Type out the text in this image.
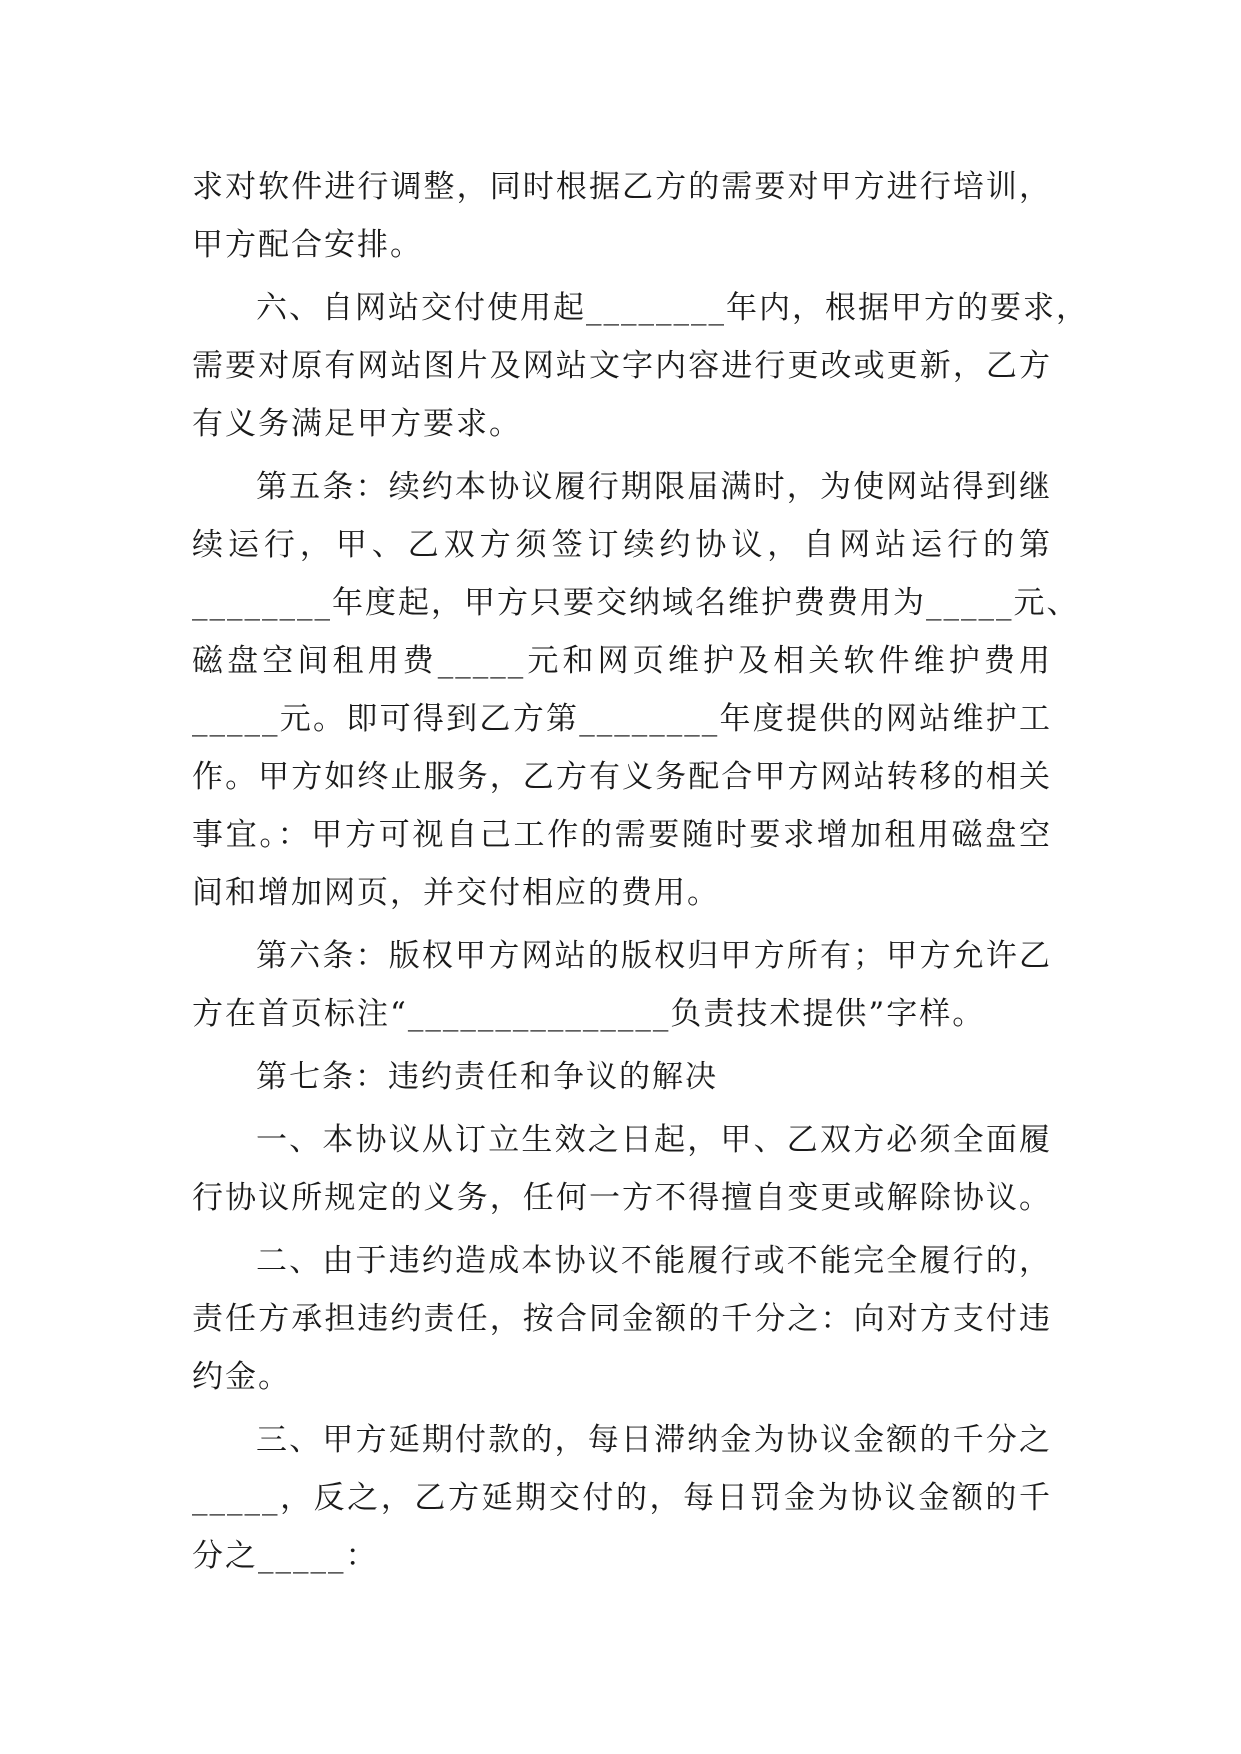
求对软件进行调整，同时根据乙方的需要对甲方进行培训，
甲方配合安排。
六、自网站交付使用起________年内，根据甲方的要求，
需要对原有网站图片及网站文字内容进行更改或更新，乙方
有义务满足甲方要求。
第五条：续约本协议履行期限届满时，为使网站得到继
续运行，甲、乙双方须签订续约协议，自网站运行的第
________年度起，甲方只要交纳域名维护费费用为_____元、
磁盘空间租用费_____元和网页维护及相关软件维护费用
_____元。即可得到乙方第________年度提供的网站维护工
作。甲方如终止服务，乙方有义务配合甲方网站转移的相关
事宜。：甲方可视自己工作的需要随时要求增加租用磁盘空
间和增加网页，并交付相应的费用。
第六条：版权甲方网站的版权归甲方所有；甲方允许乙
方在首页标注“_______________负责技术提供”字样。
第七条：违约责任和争议的解决
一、本协议从订立生效之日起，甲、乙双方必须全面履
行协议所规定的义务，任何一方不得擅自变更或解除协议。
二、由于违约造成本协议不能履行或不能完全履行的，
责任方承担违约责任，按合同金额的千分之：向对方支付违
约金。
三、甲方延期付款的，每日滞纳金为协议金额的千分之
_____，反之，乙方延期交付的，每日罚金为协议金额的千
分之_____：
